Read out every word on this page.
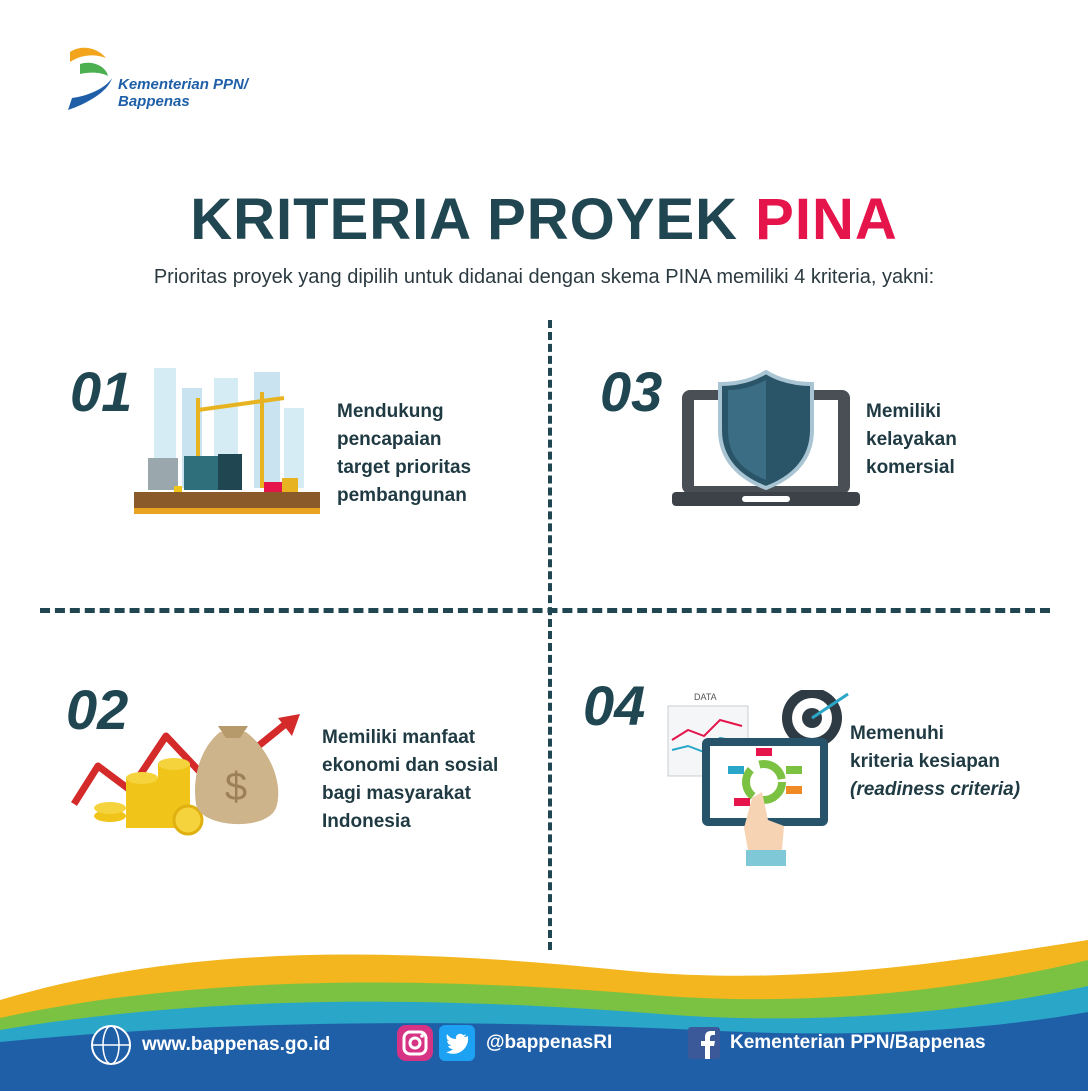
Kementerian PPN/
Bappenas
KRITERIA PROYEK PINA
Prioritas proyek yang dipilih untuk didanai dengan skema PINA memiliki 4 kriteria, yakni:
01	Mendukung
pencapaian
target prioritas
pembangunan
03	Memiliki
kelayakan
komersial
02
$
Memiliki manfaat
ekonomi dan sosial
bagi masyarakat
Indonesia
04	DATA
Memenuhi
kriteria kesiapan
(readiness criteria)
www.bappenas.go.id	@bappenasRI	Kementerian PPN/Bappenas
